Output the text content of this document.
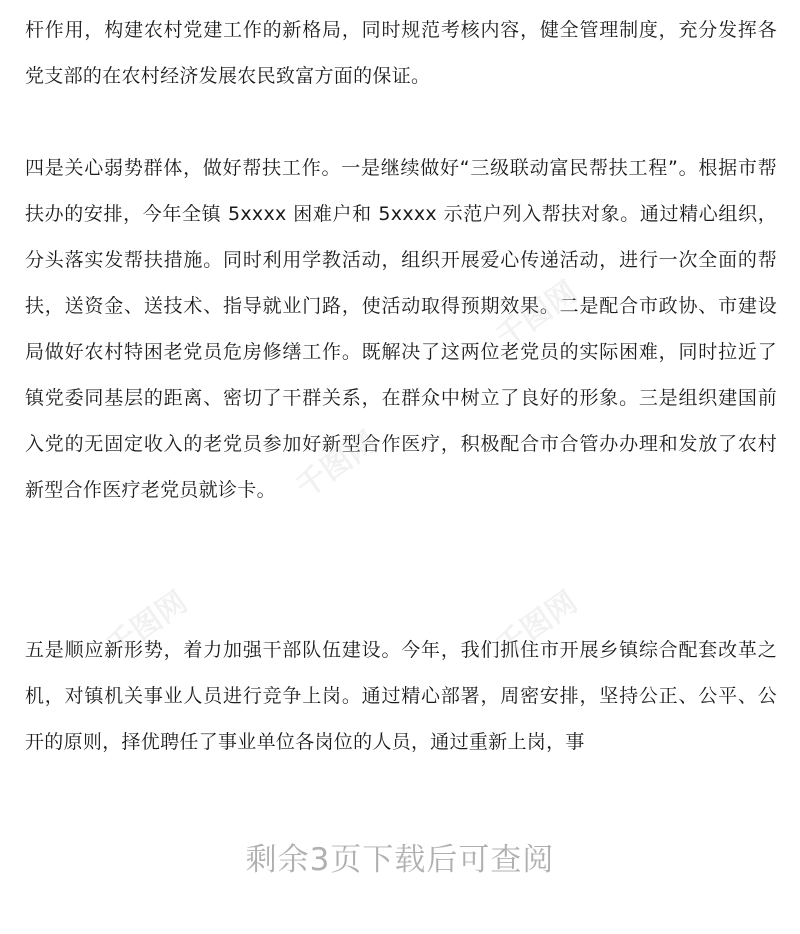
杆作用，构建农村党建工作的新格局，同时规范考核内容，健全管理制度，充分发挥各党支部的在农村经济发展农民致富方面的保证。

四是关心弱势群体，做好帮扶工作。一是继续做好“三级联动富民帮扶工程”。根据市帮扶办的安排，今年全镇 5xxxx 困难户和 5xxxx 示范户列入帮扶对象。通过精心组织，分头落实发帮扶措施。同时利用学教活动，组织开展爱心传递活动，进行一次全面的帮扶，送资金、送技术、指导就业门路，使活动取得预期效果。二是配合市政协、市建设局做好农村特困老党员危房修缮工作。既解决了这两位老党员的实际困难，同时拉近了镇党委同基层的距离、密切了干群关系，在群众中树立了良好的形象。三是组织建国前入党的无固定收入的老党员参加好新型合作医疗，积极配合市合管办办理和发放了农村新型合作医疗老党员就诊卡。

五是顺应新形势，着力加强干部队伍建设。今年，我们抓住市开展乡镇综合配套改革之机，对镇机关事业人员进行竞争上岗。通过精心部署，周密安排，坚持公正、公平、公开的原则，择优聘任了事业单位各岗位的人员，通过重新上岗，事

千图网
千图网
千图网
千图网
剩余3页下载后可查阅
